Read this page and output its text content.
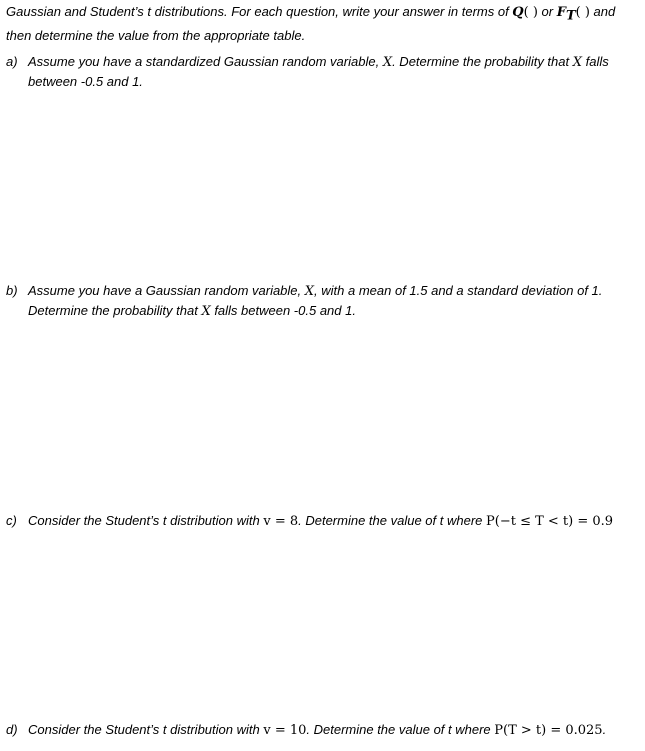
Gaussian and Student’s t distributions. For each question, write your answer in terms of Q( ) or $F_T$( ) and then determine the value from the appropriate table.
a) Assume you have a standardized Gaussian random variable, X. Determine the probability that X falls between -0.5 and 1.
b) Assume you have a Gaussian random variable, X, with a mean of 1.5 and a standard deviation of 1. Determine the probability that X falls between -0.5 and 1.
c) Consider the Student’s t distribution with v = 8. Determine the value of t where P(−t ≤ T < t) = 0.9
d) Consider the Student’s t distribution with v = 10. Determine the value of t where P(T > t) = 0.025.
